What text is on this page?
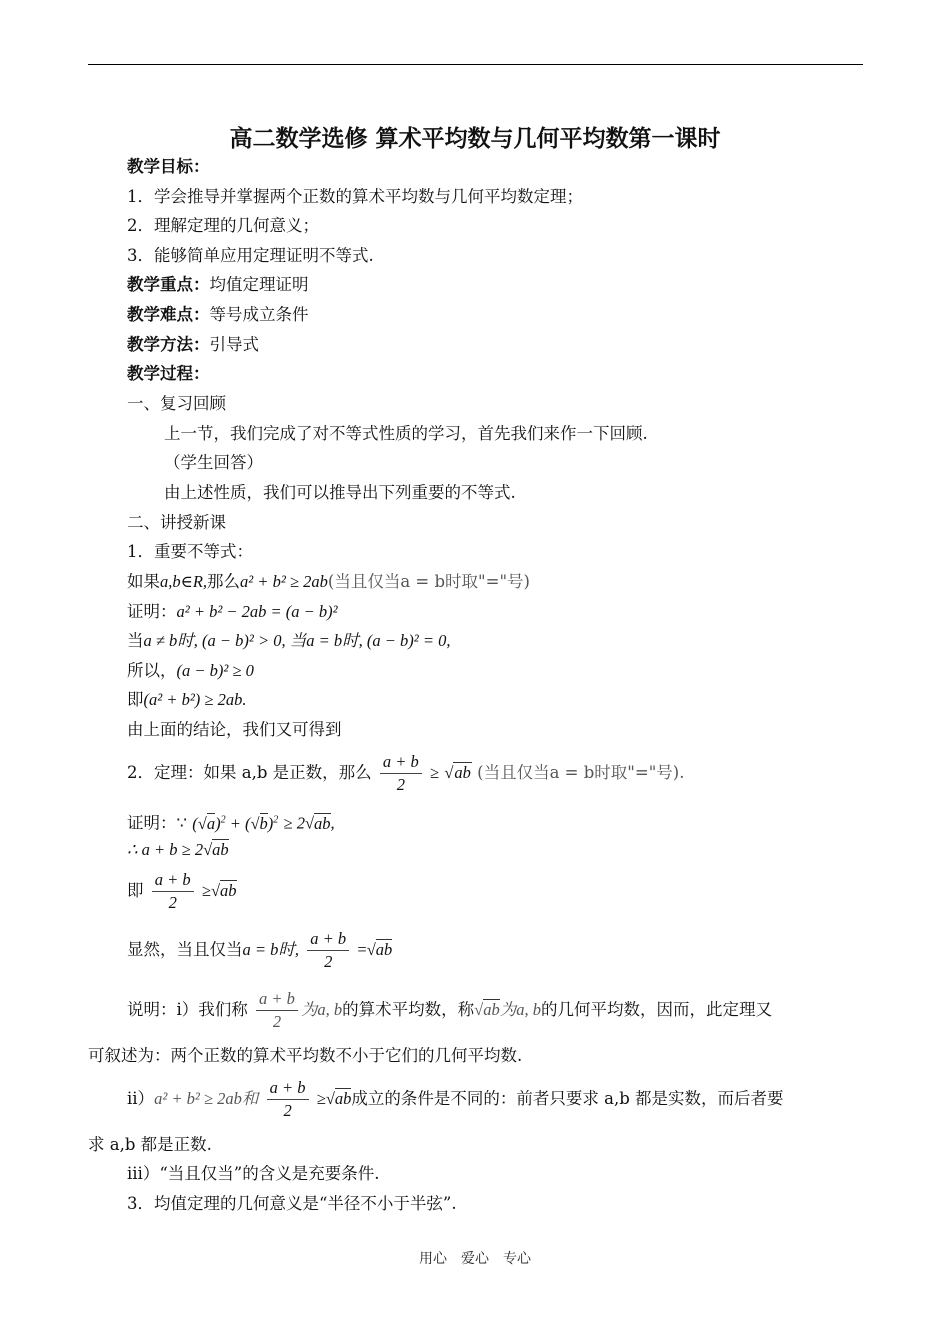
高二数学选修 算术平均数与几何平均数第一课时
教学目标：
1．学会推导并掌握两个正数的算术平均数与几何平均数定理；
2．理解定理的几何意义；
3．能够简单应用定理证明不等式.
教学重点：均值定理证明
教学难点：等号成立条件
教学方法：引导式
教学过程：
一、复习回顾
上一节，我们完成了对不等式性质的学习，首先我们来作一下回顾.
（学生回答）
由上述性质，我们可以推导出下列重要的不等式.
二、讲授新课
1．重要不等式：
如果a,b∈R,那么a² + b² ≥ 2ab(当且仅当a = b时取"="号)
证明：a² + b² − 2ab = (a − b)²
当a ≠ b时, (a − b)² > 0, 当a = b时, (a − b)² = 0,
所以，(a − b)² ≥ 0
即(a² + b²) ≥ 2ab.
由上面的结论，我们又可得到
2．定理：如果 a,b 是正数，那么 $\frac{a + b}{2} \ge √ab$ (当且仅当a = b时取"="号).
证明：∵ $(√a)^2 + (√b)^2 \ge 2√ab$,
∴ a + b ≥ 2√ab
即 $\frac{a + b}{2} \ge√ab$
显然，当且仅当a = b时, $\frac{a + b}{2} =√ab$
说明：ⅰ）我们称 $\frac{a + b}{2}$ 为a, b的算术平均数，称√ab为a, b的几何平均数，因而，此定理又
可叙述为：两个正数的算术平均数不小于它们的几何平均数.
ⅱ）a² + b² ≥ 2ab和 $\frac{a + b}{2} \ge√ab$成立的条件是不同的：前者只要求 a,b 都是实数，而后者要
求 a,b 都是正数.
ⅲ）“当且仅当”的含义是充要条件.
3．均值定理的几何意义是“半径不小于半弦”.
用心　爱心　专心
